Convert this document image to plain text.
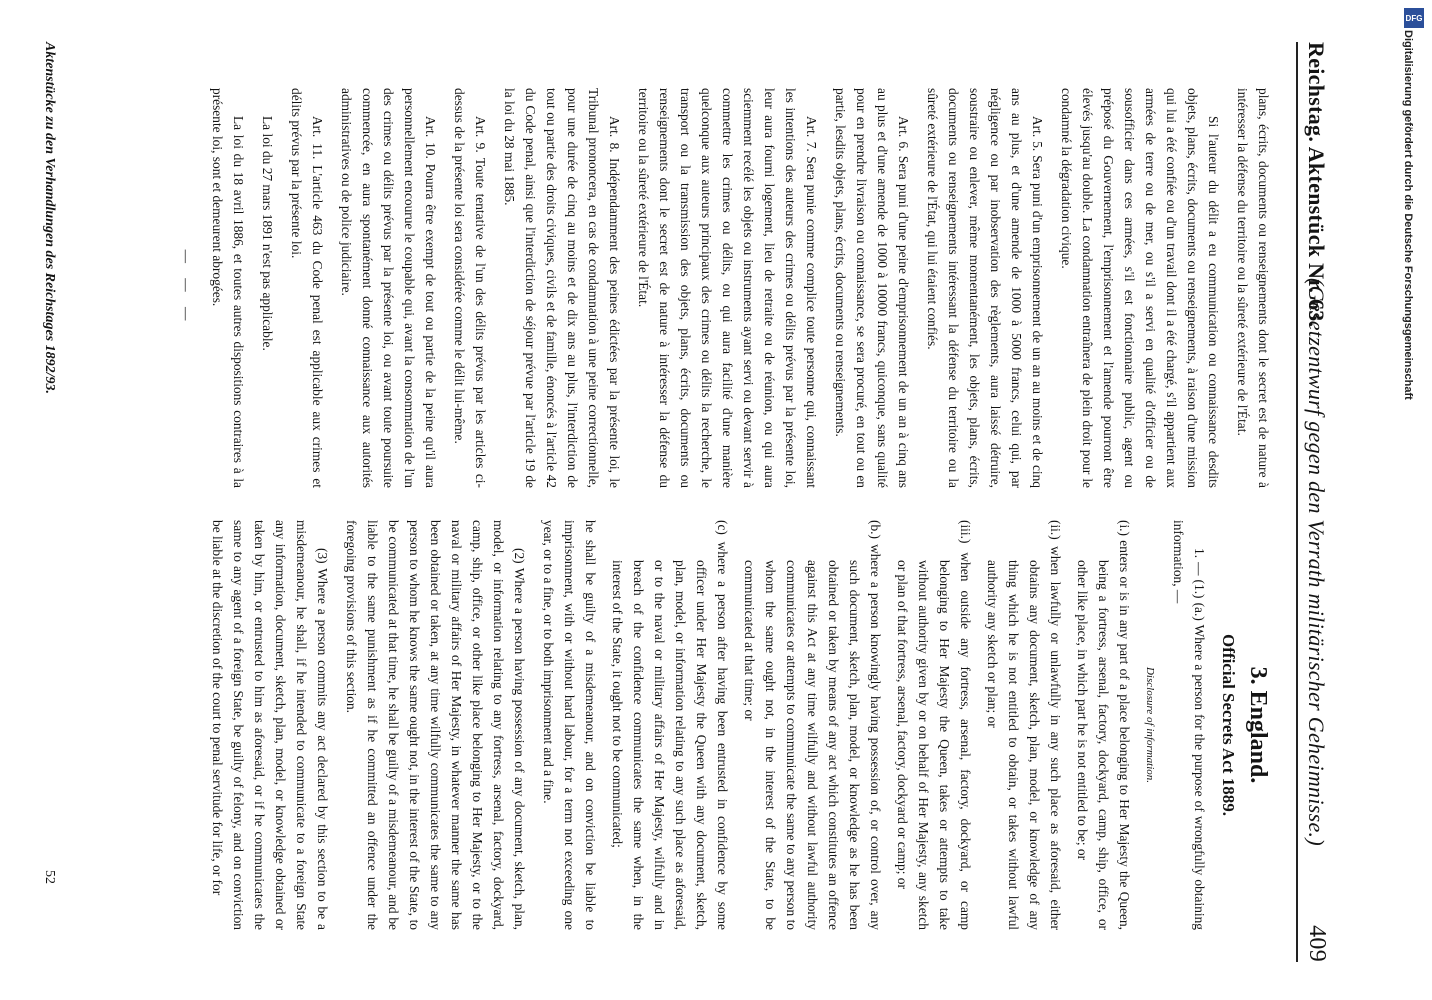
Reichstag. Aktenstück Nr. 63.
(Gesetzentwurf gegen den Verrath militärischer Geheimnisse.)
409

plans, écrits, documents ou renseignements dont le secret est de nature à intéresser la défense du territoire ou la sûreté extérieure de l'État.

Si l'auteur du délit a eu communication ou connaissance desdits objets, plans, écrits, documents ou renseignements, à raison d'une mission qui lui a été confiée ou d'un travail dont il a été chargé, s'il appartient aux armées de terre ou de mer, ou s'il a servi en qualité d'officier ou de sousofficier dans ces armées, s'il est fonctionnaire public, agent ou préposé du Gouvernement, l'emprisonnement et l'amende pourront être élevés jusqu'au double. La condamnation entraînera de plein droit pour le condamné la dégradation civique.

Art. 5. Sera puni d'un emprisonnement de un an au moins et de cinq ans au plus, et d'une amende de 1000 à 5000 francs, celui qui, par négligence ou par inobservation des règlements, aura laissé détruire, soustraire ou enlever, même momentanément, les objets, plans, écrits, documents ou renseignements intéressant la défense du territoire ou la sûreté extérieure de l'État, qui lui étaient confiés.

Art. 6. Sera puni d'une peine d'emprisonnement de un an à cinq ans au plus et d'une amende de 1000 à 10000 francs, quiconque, sans qualité pour en prendre livraison ou connaissance, se sera procuré, en tout ou en partie, lesdits objets, plans, écrits, documents ou renseignements.

Art. 7. Sera punie comme complice toute personne qui, connaissant les intentions des auteurs des crimes ou délits prévus par la présente loi, leur aura fourni logement, lieu de retraite ou de réunion, ou qui aura sciemment recélé les objets ou instruments ayant servi ou devant servir à commettre les crimes ou délits, ou qui aura facilité d'une manière quelconque aux auteurs principaux des crimes ou délits la recherche, le transport ou la transmission des objets, plans, écrits, documents ou renseignements dont le secret est de nature à intéresser la défense du territoire ou la sûreté extérieure de l'État.

Art. 8. Indépendamment des peines édictées par la présente loi, le Tribunal prononcera, en cas de condamnation à une peine correctionnelle, pour une durée de cinq au moins et de dix ans au plus, l'interdiction de tout ou partie des droits civiques, civils et de famille, énoncés à l'article 42 du Code penal, ainsi que l'interdiction de séjour prévue par l'article 19 de la loi du 28 mai 1885.

Art. 9. Toute tentative de l'un des délits prévus par les articles ci-dessus de la présente loi sera considérée comme le délit lui-même.

Art. 10. Pourra être exempt de tout ou partie de la peine qu'il aura personnellement encourue le coupable qui, avant la consommation de l'un des crimes ou délits prévus par la présente loi, ou avant toute poursuite commencée, en aura spontanément donné connaissance aux autorités administratives ou de police judiciaire.

Art. 11. L'article 463 du Code penal est applicable aux crimes et délits prévus par la présente loi.

La loi du 27 mars 1891 n'est pas applicable.

La loi du 18 avril 1886, et toutes autres dispositions contraires à la présente loi, sont et demeurent abrogées.

— — —
3. England.
Official Secrets Act 1889.

1. — (1.) (a.) Where a person for the purpose of wrongfully obtaining information, —

Disclosure of information.
(i.) enters or is in any part of a place belonging to Her Majesty the Queen, being a fortress, arsenal, factory, dockyard, camp, ship, office, or other like place, in which part he is not entitled to be; or
(ii.) when lawfully or unlawfully in any such place as aforesaid, either obtains any document, sketch, plan, model, or knowledge of any thing which he is not entitled to obtain, or takes without lawful authority any sketch or plan; or
(iii.) when outside any fortress, arsenal, factory, dockyard, or camp belonging to Her Majesty the Queen, takes or attempts to take without authority given by or on behalf of Her Majesty, any sketch or plan of that fortress, arsenal, factory, dockyard or camp; or
(b.) where a person knowingly having possession of, or control over, any such document, sketch, plan, model, or knowledge as he has been obtained or taken by means of any act which constitutes an offence against this Act at any time wilfully and without lawful authority communicates or attempts to communicate the same to any person to whom the same ought not, in the interest of the State, to be communicated at that time; or
(c) where a person after having been entrusted in confidence by some officer under Her Majesty the Queen with any document, sketch, plan, model, or information relating to any such place as aforesaid, or to the naval or military affairs of Her Majesty, wilfully and in breach of the confidence communicates the same when, in the interest of the State, it ought not to be communicated;

he shall be guilty of a misdemeanour, and on conviction be liable to imprisonment, with or without hard labour, for a term not exceeding one year, or to a fine, or to both imprisonment and a fine.

(2) Where a person having possession of any document, sketch, plan, model, or information relating to any fortress, arsenal, factory, dockyard, camp, ship, office, or other like place belonging to Her Majesty, or to the naval or military affairs of Her Majesty, in whatever manner the same has been obtained or taken, at any time wilfully communicates the same to any person to whom he knows the same ought not, in the interest of the State, to be communicated at that time, he shall be guilty of a misdemeanour, and be liable to the same punishment as if he committed an offence under the foregoing provisions of this section.

(3) Where a person commits any act declared by this section to be a misdemeanour, he shall, if he intended to communicate to a foreign State any information, document, sketch, plan, model, or knowledge obtained or taken by him, or entrusted to him as aforesaid, or if he communicates the same to any agent of a foreign State, be guilty of felony, and on conviction be liable at the discretion of the court to penal servitude for life, or for

Aktenstücke zu den Verhandlungen des Reichstages 1892/93.
52
DFG
Digitalisierung gefördert durch die Deutsche Forschungsgemeinschaft
